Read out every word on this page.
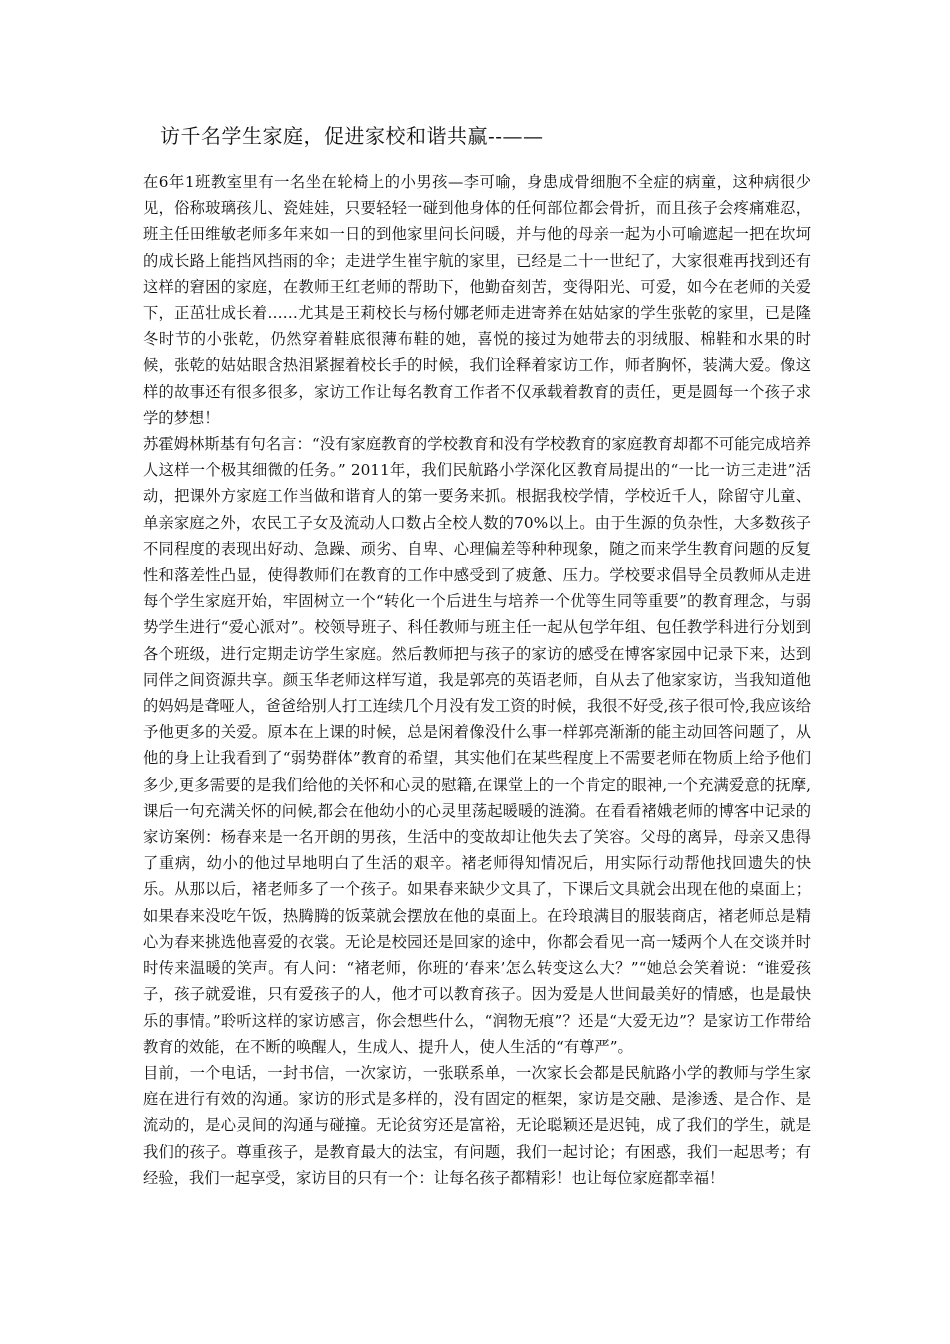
访千名学生家庭，促进家校和谐共赢--——

在6年1班教室里有一名坐在轮椅上的小男孩—李可喻，身患成骨细胞不全症的病童，这种病很少见，俗称玻璃孩儿、瓷娃娃，只要轻轻一碰到他身体的任何部位都会骨折，而且孩子会疼痛难忍，班主任田维敏老师多年来如一日的到他家里问长问暖，并与他的母亲一起为小可喻遮起一把在坎坷的成长路上能挡风挡雨的伞；走进学生崔宇航的家里，已经是二十一世纪了，大家很难再找到还有这样的窘困的家庭，在教师王红老师的帮助下，他勤奋刻苦，变得阳光、可爱，如今在老师的关爱下，正茁壮成长着……尤其是王莉校长与杨付娜老师走进寄养在姑姑家的学生张乾的家里，已是隆冬时节的小张乾，仍然穿着鞋底很薄布鞋的她，喜悦的接过为她带去的羽绒服、棉鞋和水果的时候，张乾的姑姑眼含热泪紧握着校长手的时候，我们诠释着家访工作，师者胸怀，装满大爱。像这样的故事还有很多很多，家访工作让每名教育工作者不仅承载着教育的责任，更是圆每一个孩子求学的梦想！

苏霍姆林斯基有句名言：“没有家庭教育的学校教育和没有学校教育的家庭教育却都不可能完成培养人这样一个极其细微的任务。” 2011年，我们民航路小学深化区教育局提出的“一比一访三走进”活动，把课外方家庭工作当做和谐育人的第一要务来抓。根据我校学情，学校近千人，除留守儿童、单亲家庭之外，农民工子女及流动人口数占全校人数的70%以上。由于生源的负杂性，大多数孩子不同程度的表现出好动、急躁、顽劣、自卑、心理偏差等种种现象，随之而来学生教育问题的反复性和落差性凸显，使得教师们在教育的工作中感受到了疲惫、压力。学校要求倡导全员教师从走进每个学生家庭开始，牢固树立一个“转化一个后进生与培养一个优等生同等重要”的教育理念，与弱势学生进行“爱心派对”。校领导班子、科任教师与班主任一起从包学年组、包任教学科进行分划到各个班级，进行定期走访学生家庭。然后教师把与孩子的家访的感受在博客家园中记录下来，达到同伴之间资源共享。颜玉华老师这样写道，我是郭亮的英语老师，自从去了他家家访，当我知道他的妈妈是聋哑人，爸爸给别人打工连续几个月没有发工资的时候，我很不好受,孩子很可怜,我应该给予他更多的关爱。原本在上课的时候，总是闲着像没什么事一样郭亮渐渐的能主动回答问题了，从他的身上让我看到了“弱势群体”教育的希望，其实他们在某些程度上不需要老师在物质上给予他们多少,更多需要的是我们给他的关怀和心灵的慰籍,在课堂上的一个肯定的眼神,一个充满爱意的抚摩,课后一句充满关怀的问候,都会在他幼小的心灵里荡起暖暖的涟漪。在看看褚娥老师的博客中记录的家访案例：杨春来是一名开朗的男孩，生活中的变故却让他失去了笑容。父母的离异，母亲又患得了重病，幼小的他过早地明白了生活的艰辛。褚老师得知情况后，用实际行动帮他找回遗失的快乐。从那以后，褚老师多了一个孩子。如果春来缺少文具了，下课后文具就会出现在他的桌面上；如果春来没吃午饭，热腾腾的饭菜就会摆放在他的桌面上。在玲琅满目的服装商店，褚老师总是精心为春来挑选他喜爱的衣裳。无论是校园还是回家的途中，你都会看见一高一矮两个人在交谈并时时传来温暖的笑声。有人问：“褚老师，你班的‘春来’怎么转变这么大？”“她总会笑着说：“谁爱孩子，孩子就爱谁，只有爱孩子的人，他才可以教育孩子。因为爱是人世间最美好的情感，也是最快乐的事情。”聆听这样的家访感言，你会想些什么，“润物无痕”？还是“大爱无边”？是家访工作带给教育的效能，在不断的唤醒人，生成人、提升人，使人生活的“有尊严”。

目前，一个电话，一封书信，一次家访，一张联系单，一次家长会都是民航路小学的教师与学生家庭在进行有效的沟通。家访的形式是多样的，没有固定的框架，家访是交融、是渗透、是合作、是流动的，是心灵间的沟通与碰撞。无论贫穷还是富裕，无论聪颖还是迟钝，成了我们的学生，就是我们的孩子。尊重孩子，是教育最大的法宝，有问题，我们一起讨论；有困惑，我们一起思考；有经验，我们一起享受，家访目的只有一个：让每名孩子都精彩！也让每位家庭都幸福！
